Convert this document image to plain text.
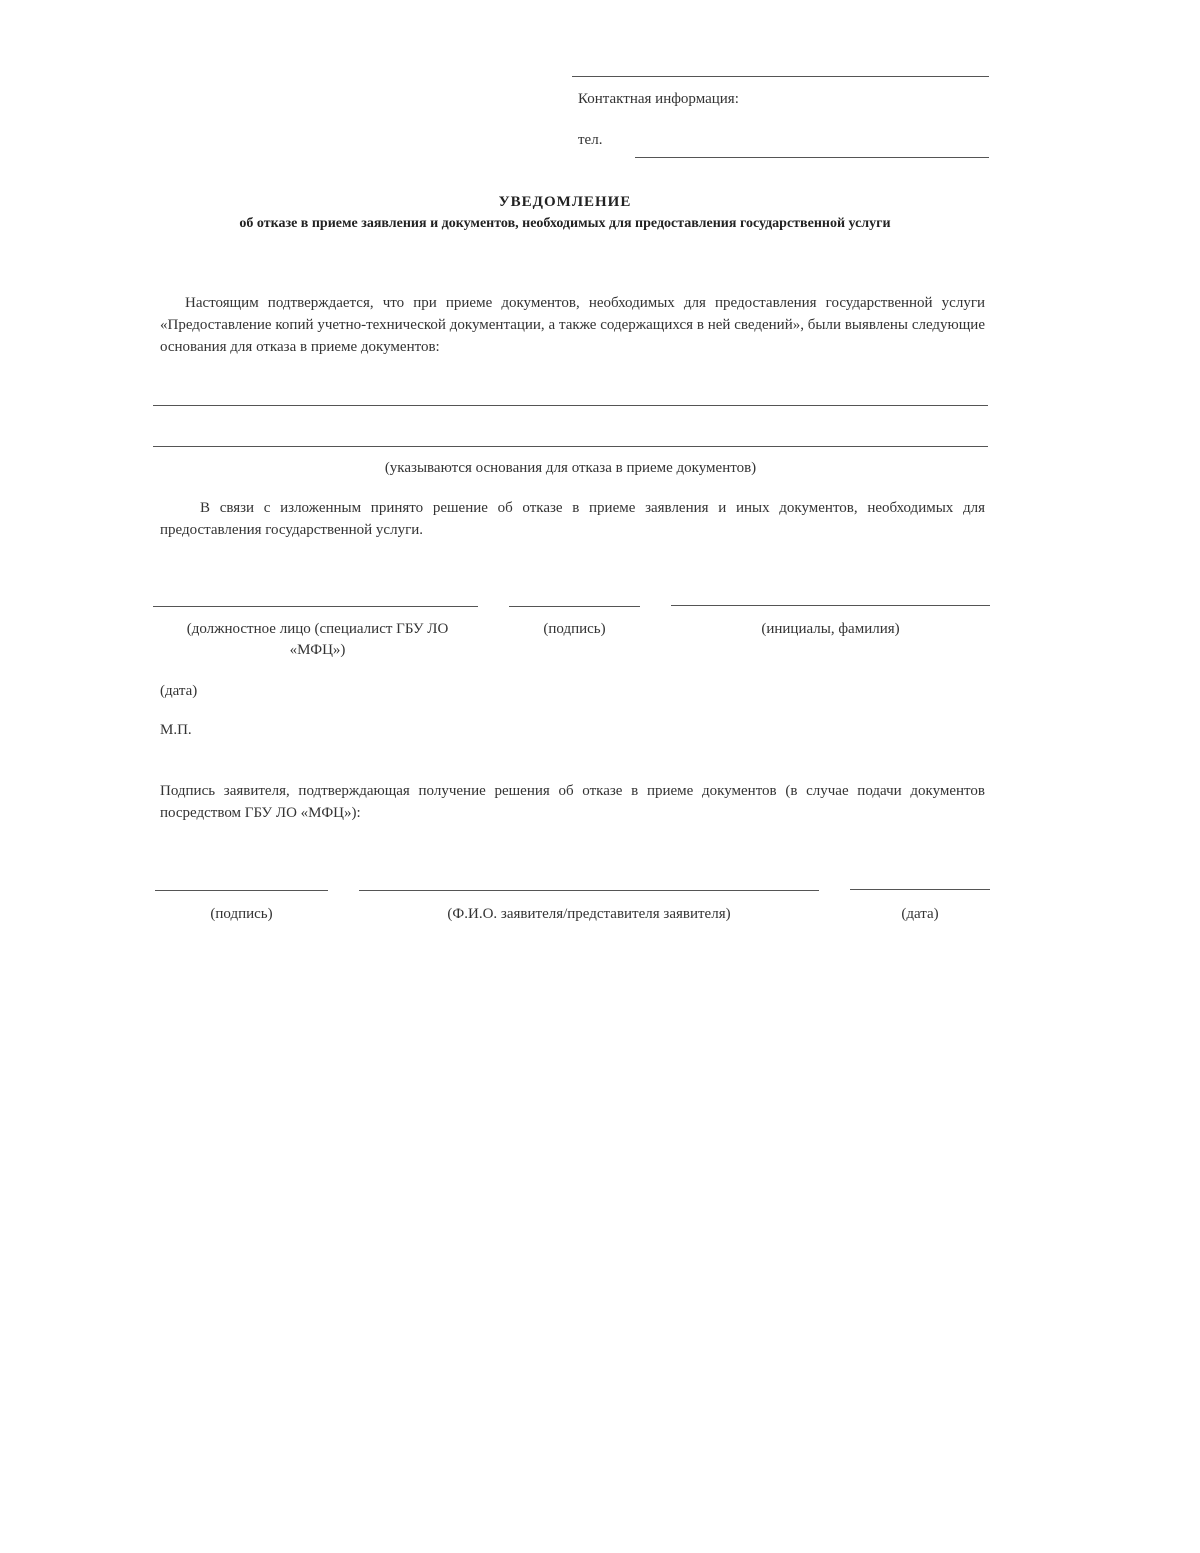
Контактная информация:
тел.
УВЕДОМЛЕНИЕ
об отказе в приеме заявления и документов, необходимых для предоставления государственной услуги
Настоящим подтверждается, что при приеме документов, необходимых для предоставления государственной услуги «Предоставление копий учетно-технической документации, а также содержащихся в ней сведений», были выявлены следующие основания для отказа в приеме документов:
(указываются основания для отказа в приеме документов)
В связи с изложенным принято решение об отказе в приеме заявления и иных документов, необходимых для предоставления государственной услуги.
(должностное лицо (специалист ГБУ ЛО «МФЦ»)
(подпись)	(инициалы, фамилия)
(дата)
М.П.
Подпись заявителя, подтверждающая получение решения об отказе в приеме документов (в случае подачи документов посредством ГБУ ЛО «МФЦ»):
(подпись)	(Ф.И.О. заявителя/представителя заявителя)	(дата)
